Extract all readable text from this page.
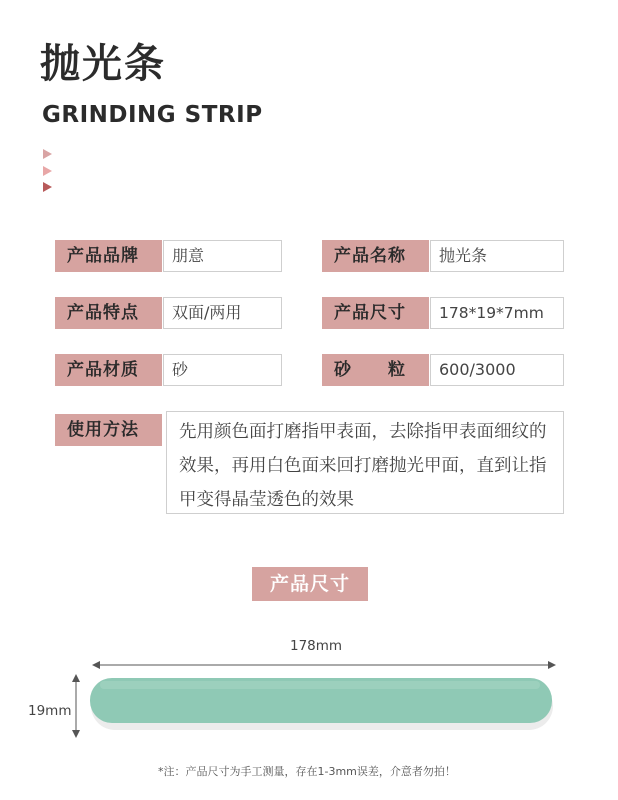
抛光条
GRINDING STRIP
产品品牌	朋意	产品名称	抛光条
产品特点	双面/两用	产品尺寸	178*19*7mm
产品材质	砂	砂　　粒	600/3000
使用方法	先用颜色面打磨指甲表面，去除指甲表面细纹的效果，再用白色面来回打磨抛光甲面，直到让指甲变得晶莹透色的效果
产品尺寸
178mm
19mm
*注：产品尺寸为手工测量，存在1-3mm误差，介意者勿拍！
